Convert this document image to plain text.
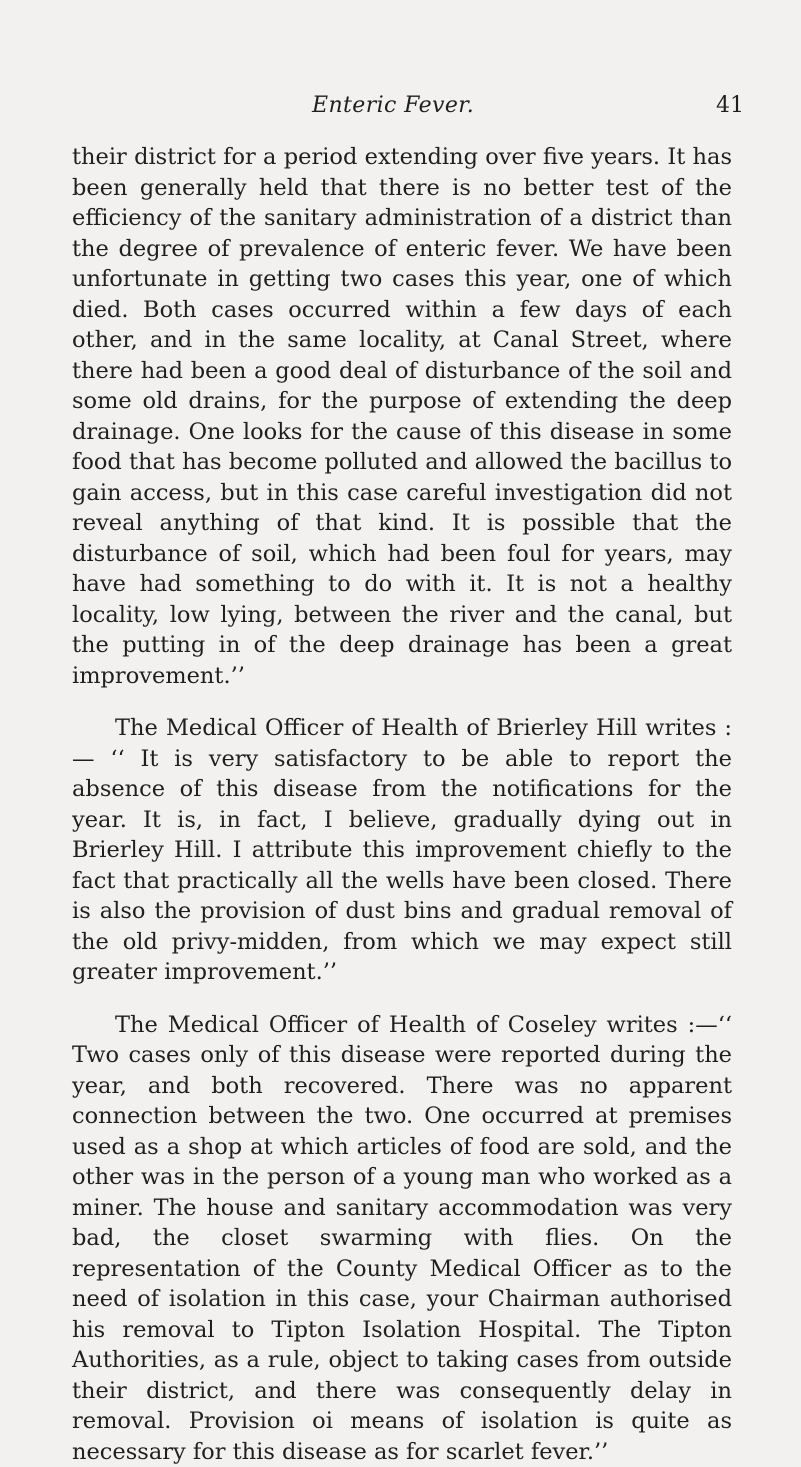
Enteric Fever.	41

their district for a period extending over five years. It has been generally held that there is no better test of the efficiency of the sanitary administration of a district than the degree of prevalence of enteric fever. We have been unfortunate in getting two cases this year, one of which died. Both cases occurred within a few days of each other, and in the same locality, at Canal Street, where there had been a good deal of disturbance of the soil and some old drains, for the purpose of extending the deep drainage. One looks for the cause of this disease in some food that has become polluted and allowed the bacillus to gain access, but in this case careful investigation did not reveal anything of that kind. It is possible that the disturbance of soil, which had been foul for years, may have had something to do with it. It is not a healthy locality, low lying, between the river and the canal, but the putting in of the deep drainage has been a great improvement.’’

The Medical Officer of Health of Brierley Hill writes :— ‘‘ It is very satisfactory to be able to report the absence of this disease from the notifications for the year. It is, in fact, I believe, gradually dying out in Brierley Hill. I attribute this improvement chiefly to the fact that practically all the wells have been closed. There is also the provision of dust bins and gradual removal of the old privy-midden, from which we may expect still greater improvement.’’

The Medical Officer of Health of Coseley writes :—‘‘ Two cases only of this disease were reported during the year, and both recovered. There was no apparent connection between the two. One occurred at premises used as a shop at which articles of food are sold, and the other was in the person of a young man who worked as a miner. The house and sanitary accommodation was very bad, the closet swarming with flies. On the representation of the County Medical Officer as to the need of isolation in this case, your Chairman authorised his removal to Tipton Isolation Hospital. The Tipton Authorities, as a rule, object to taking cases from outside their district, and there was consequently delay in removal. Provision oi means of isolation is quite as necessary for this disease as for scarlet fever.’’
